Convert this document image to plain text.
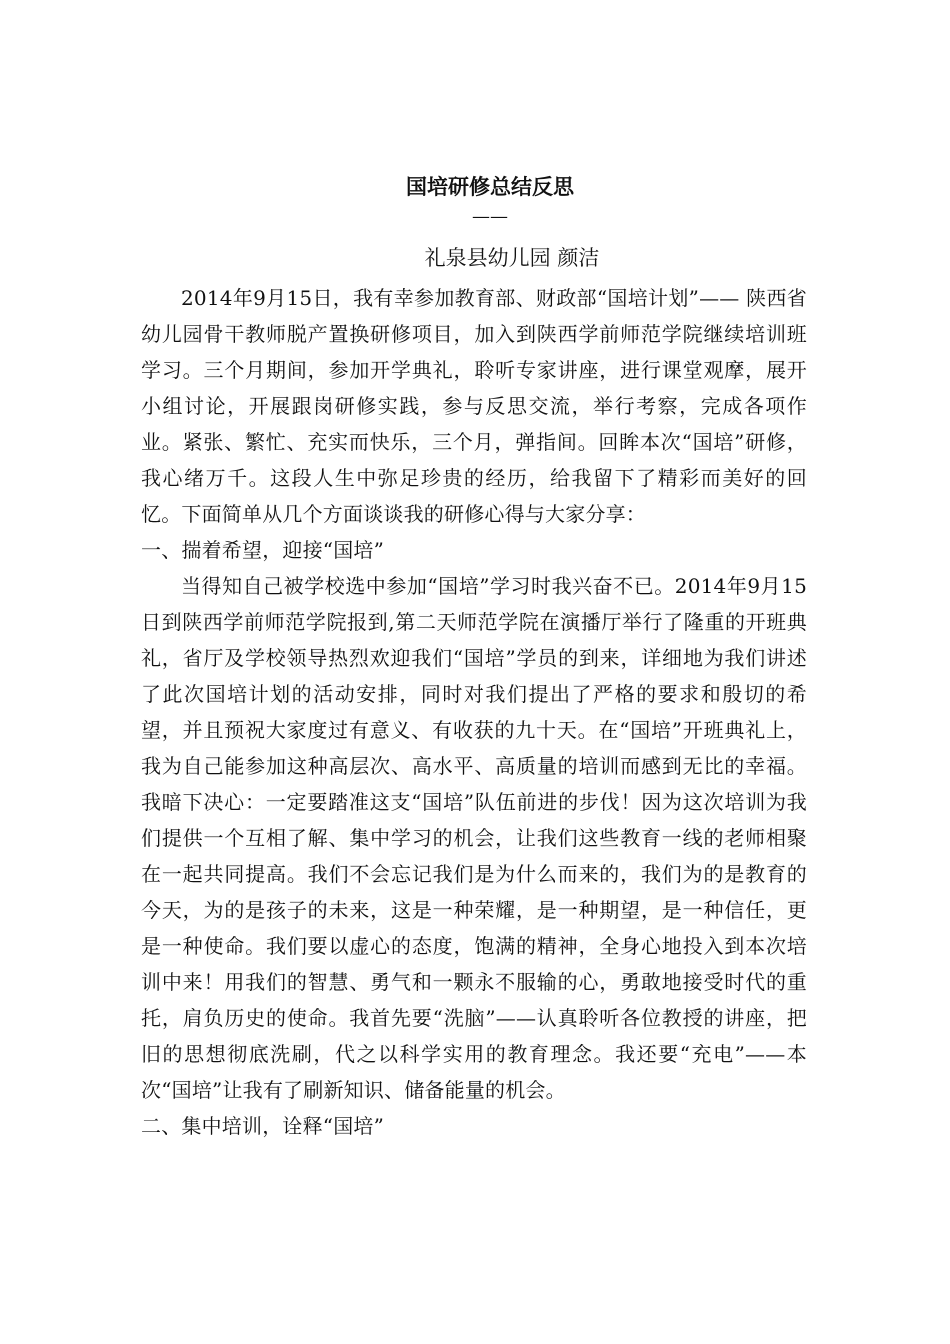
国培研修总结反思
——
礼泉县幼儿园 颜洁

2014年9月15日，我有幸参加教育部、财政部“国培计划”—— 陕西省幼儿园骨干教师脱产置换研修项目，加入到陕西学前师范学院继续培训班学习。三个月期间，参加开学典礼，聆听专家讲座，进行课堂观摩，展开小组讨论，开展跟岗研修实践，参与反思交流，举行考察，完成各项作业。紧张、繁忙、充实而快乐，三个月，弹指间。回眸本次“国培”研修，我心绪万千。这段人生中弥足珍贵的经历，给我留下了精彩而美好的回忆。下面简单从几个方面谈谈我的研修心得与大家分享：

一、揣着希望，迎接“国培”

当得知自己被学校选中参加“国培”学习时我兴奋不已。2014年9月15日到陕西学前师范学院报到,第二天师范学院在演播厅举行了隆重的开班典礼，省厅及学校领导热烈欢迎我们“国培”学员的到来，详细地为我们讲述了此次国培计划的活动安排，同时对我们提出了严格的要求和殷切的希望，并且预祝大家度过有意义、有收获的九十天。在“国培”开班典礼上，我为自己能参加这种高层次、高水平、高质量的培训而感到无比的幸福。我暗下决心：一定要踏准这支“国培”队伍前进的步伐！因为这次培训为我们提供一个互相了解、集中学习的机会，让我们这些教育一线的老师相聚在一起共同提高。我们不会忘记我们是为什么而来的，我们为的是教育的今天，为的是孩子的未来，这是一种荣耀，是一种期望，是一种信任，更是一种使命。我们要以虚心的态度，饱满的精神，全身心地投入到本次培训中来！用我们的智慧、勇气和一颗永不服输的心，勇敢地接受时代的重托，肩负历史的使命。我首先要“洗脑”——认真聆听各位教授的讲座，把旧的思想彻底洗刷，代之以科学实用的教育理念。我还要“充电”——本次“国培”让我有了刷新知识、储备能量的机会。

二、集中培训，诠释“国培”
